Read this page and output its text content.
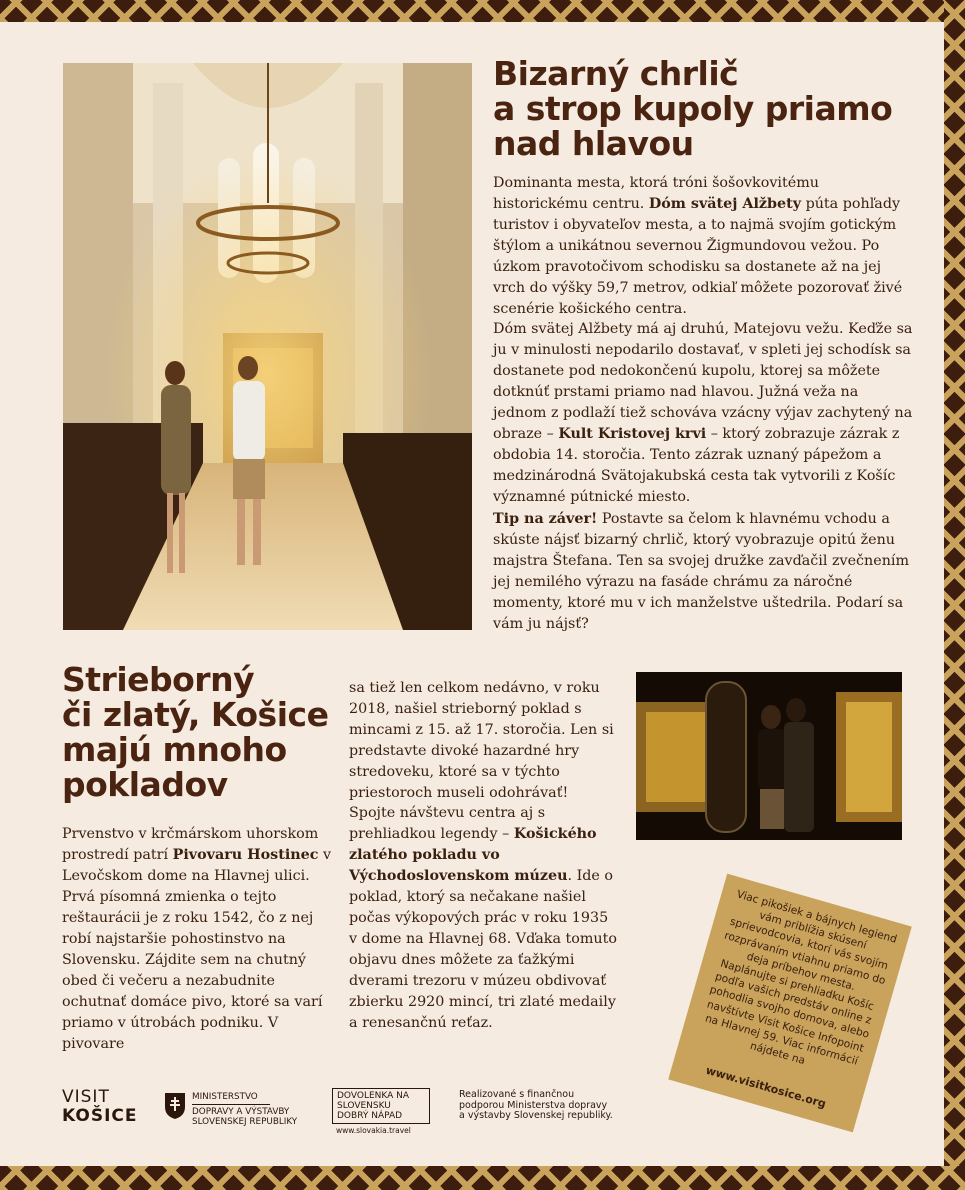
Bizarný chrlič
a strop kupoly priamo
nad hlavou

Dominanta mesta, ktorá tróni šošovkovitému historickému centru. Dóm svätej Alžbety púta pohľady turistov i obyvateľov mesta, a to najmä svojím gotickým štýlom a unikátnou severnou Žigmundovou vežou. Po úzkom pravotočivom schodisku sa dostanete až na jej vrch do výšky 59,7 metrov, odkiaľ môžete pozorovať živé scenérie košického centra.

Dóm svätej Alžbety má aj druhú, Matejovu vežu. Keďže sa ju v minulosti nepodarilo dostavať, v spleti jej schodísk sa dostanete pod nedokončenú kupolu, ktorej sa môžete dotknúť prstami priamo nad hlavou. Južná veža na jednom z podlaží tiež schováva vzácny výjav zachytený na obraze – Kult Kristovej krvi – ktorý zobrazuje zázrak z obdobia 14. storočia. Tento zázrak uznaný pápežom a medzinárodná Svätojakubská cesta tak vytvorili z Košíc významné pútnické miesto.

Tip na záver! Postavte sa čelom k hlavnému vchodu a skúste nájsť bizarný chrlič, ktorý vyobrazuje opitú ženu majstra Štefana. Ten sa svojej družke zavďačil zvečnením jej nemilého výrazu na fasáde chrámu za náročné momenty, ktoré mu v ich manželstve uštedrila. Podarí sa vám ju nájsť?

Strieborný
či zlatý, Košice
majú mnoho
pokladov

Prvenstvo v krčmárskom uhorskom prostredí patrí Pivovaru Hostinec v Levočskom dome na Hlavnej ulici. Prvá písomná zmienka o tejto reštaurácii je z roku 1542, čo z nej robí najstaršie pohostinstvo na Slovensku. Zájdite sem na chutný obed či večeru a nezabudnite ochutnať domáce pivo, ktoré sa varí priamo v útrobách podniku. V pivovare

sa tiež len celkom nedávno, v roku 2018, našiel strieborný poklad s mincami z 15. až 17. storočia. Len si predstavte divoké hazardné hry stredoveku, ktoré sa v týchto priestoroch museli odohrávať!

Spojte návštevu centra aj s prehliadkou legendy – Košického zlatého pokladu vo Východoslovenskom múzeu. Ide o poklad, ktorý sa nečakane našiel počas výkopových prác v roku 1935 v dome na Hlavnej 68. Vďaka tomuto objavu dnes môžete za ťažkými dverami trezoru v múzeu obdivovať zbierku 2920 mincí, tri zlaté medaily a renesančnú reťaz.

Viac pikošiek a bájnych legiend vám priblížia skúsení sprievodcovia, ktorí vás svojím rozprávaním vtiahnu priamo do deja príbehov mesta. Naplánujte si prehliadku Košíc podľa vašich predstáv online z pohodlia svojho domova, alebo navštívte Visit Košice Infopoint na Hlavnej 59. Viac informácií nájdete na

www.visitkosice.org
VISIT
KOŠICE
MINISTERSTVO
DOPRAVY A VÝSTAVBY
SLOVENSKEJ REPUBLIKY
DOVOLENKA NA
SLOVENSKU
DOBRÝ NÁPAD
www.slovakia.travel
Realizované s finančnou
podporou Ministerstva dopravy
a výstavby Slovenskej republiky.
